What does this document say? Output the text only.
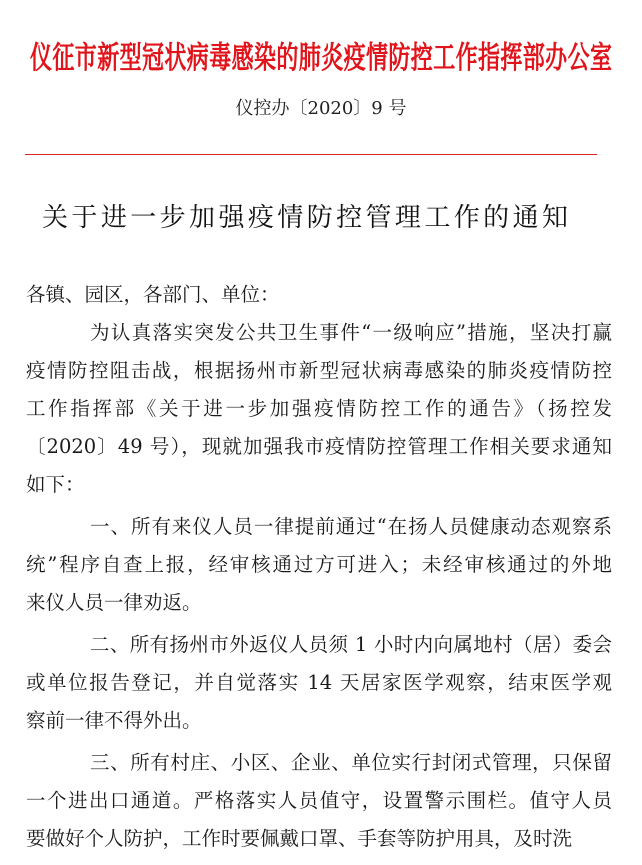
仪征市新型冠状病毒感染的肺炎疫情防控工作指挥部办公室
仪控办〔2020〕9 号
关于进一步加强疫情防控管理工作的通知
各镇、园区，各部门、单位：
为认真落实突发公共卫生事件“一级响应”措施，坚决打赢
疫情防控阻击战，根据扬州市新型冠状病毒感染的肺炎疫情防控
工作指挥部《关于进一步加强疫情防控工作的通告》（扬控发
〔2020〕49 号），现就加强我市疫情防控管理工作相关要求通知
如下：
一、所有来仪人员一律提前通过“在扬人员健康动态观察系
统”程序自查上报，经审核通过方可进入；未经审核通过的外地
来仪人员一律劝返。
二、所有扬州市外返仪人员须 1 小时内向属地村（居）委会
或单位报告登记，并自觉落实 14 天居家医学观察，结束医学观
察前一律不得外出。
三、所有村庄、小区、企业、单位实行封闭式管理，只保留
一个进出口通道。严格落实人员值守，设置警示围栏。值守人员
要做好个人防护，工作时要佩戴口罩、手套等防护用具，及时洗
